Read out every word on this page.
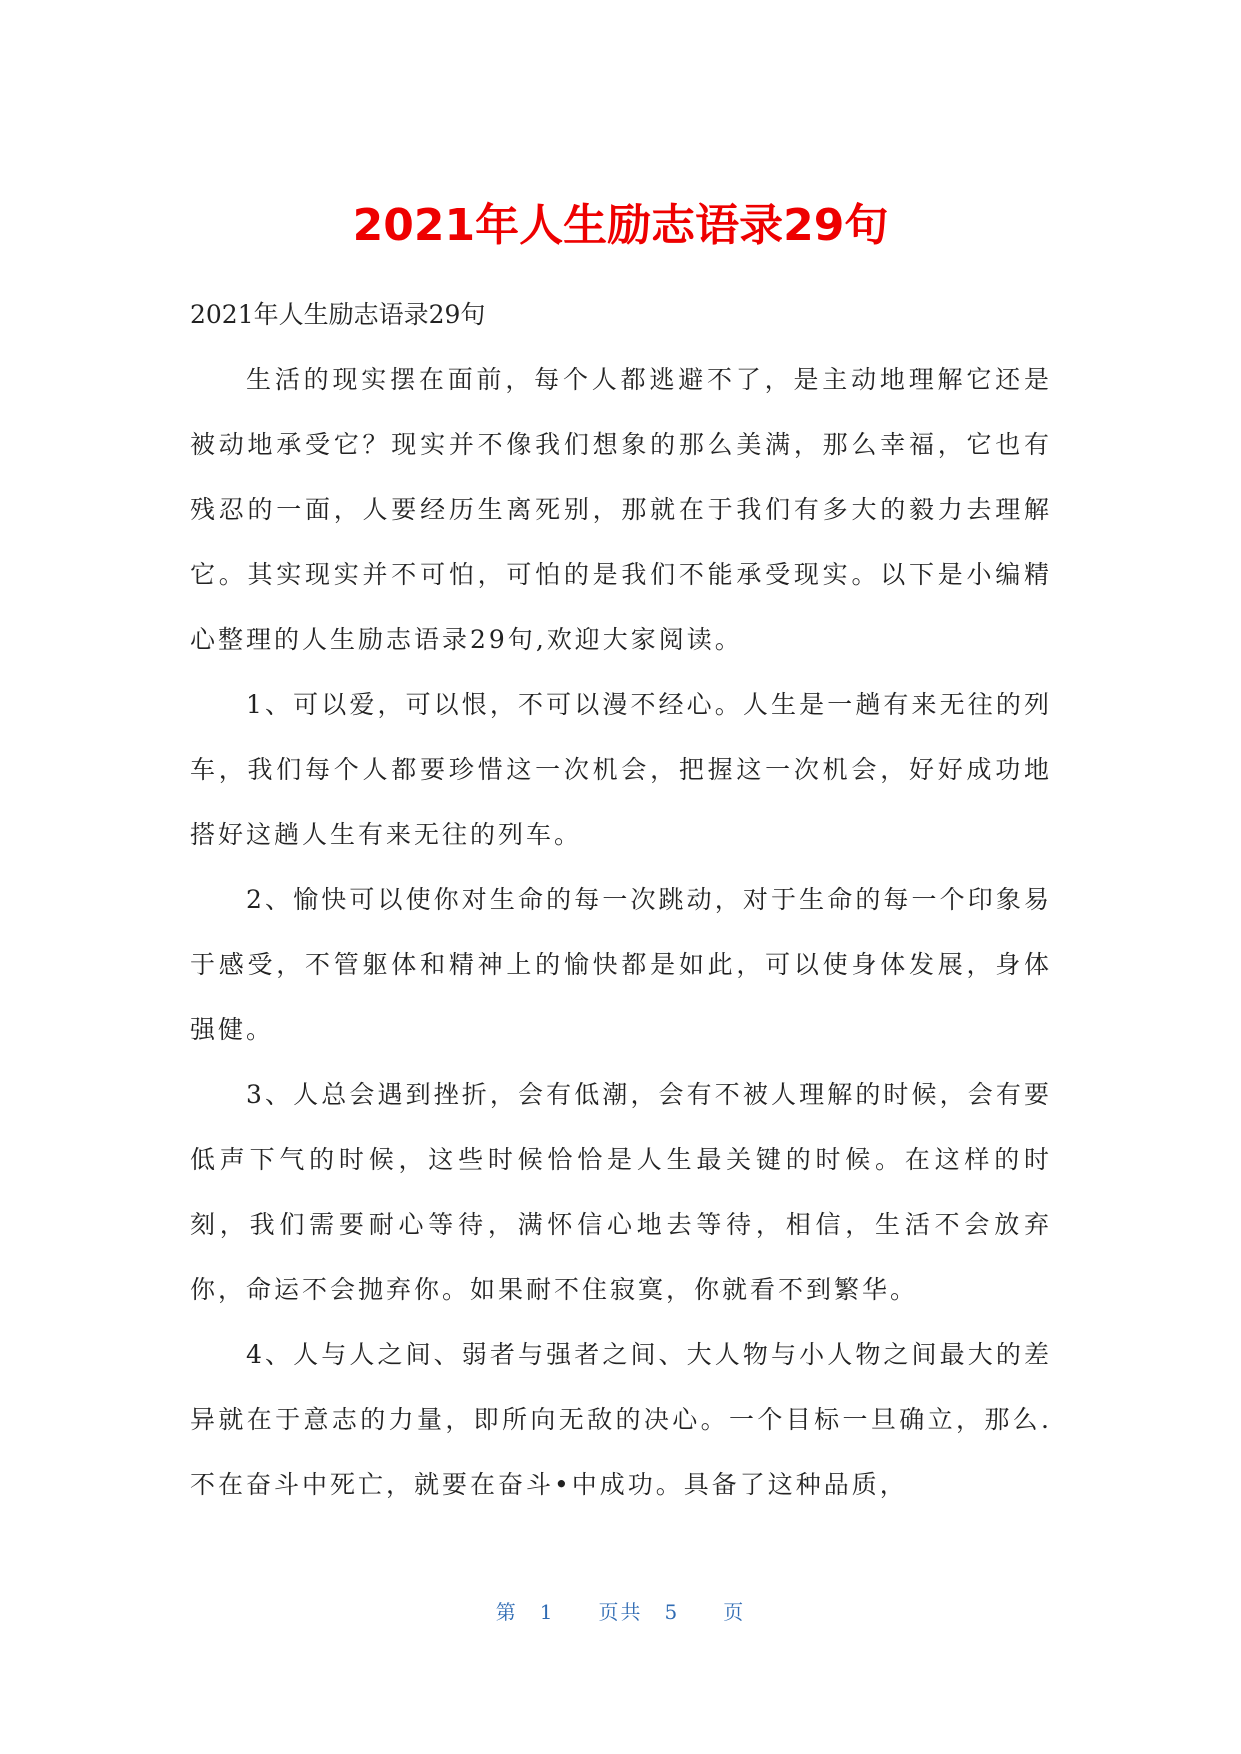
2021年人生励志语录29句

2021年人生励志语录29句

生活的现实摆在面前，每个人都逃避不了，是主动地理解它还是被动地承受它？现实并不像我们想象的那么美满，那么幸福，它也有残忍的一面，人要经历生离死别，那就在于我们有多大的毅力去理解它。其实现实并不可怕，可怕的是我们不能承受现实。以下是小编精心整理的人生励志语录29句,欢迎大家阅读。

1、可以爱，可以恨，不可以漫不经心。人生是一趟有来无往的列车，我们每个人都要珍惜这一次机会，把握这一次机会，好好成功地搭好这趟人生有来无往的列车。

2、愉快可以使你对生命的每一次跳动，对于生命的每一个印象易于感受，不管躯体和精神上的愉快都是如此，可以使身体发展，身体强健。

3、人总会遇到挫折，会有低潮，会有不被人理解的时候，会有要低声下气的时候，这些时候恰恰是人生最关键的时候。在这样的时刻，我们需要耐心等待，满怀信心地去等待，相信，生活不会放弃你，命运不会抛弃你。如果耐不住寂寞，你就看不到繁华。

4、人与人之间、弱者与强者之间、大人物与小人物之间最大的差异就在于意志的力量，即所向无敌的决心。一个目标一旦确立，那么.不在奋斗中死亡，就要在奋斗•中成功。具备了这种品质，

第　1　　页共　5　　页
